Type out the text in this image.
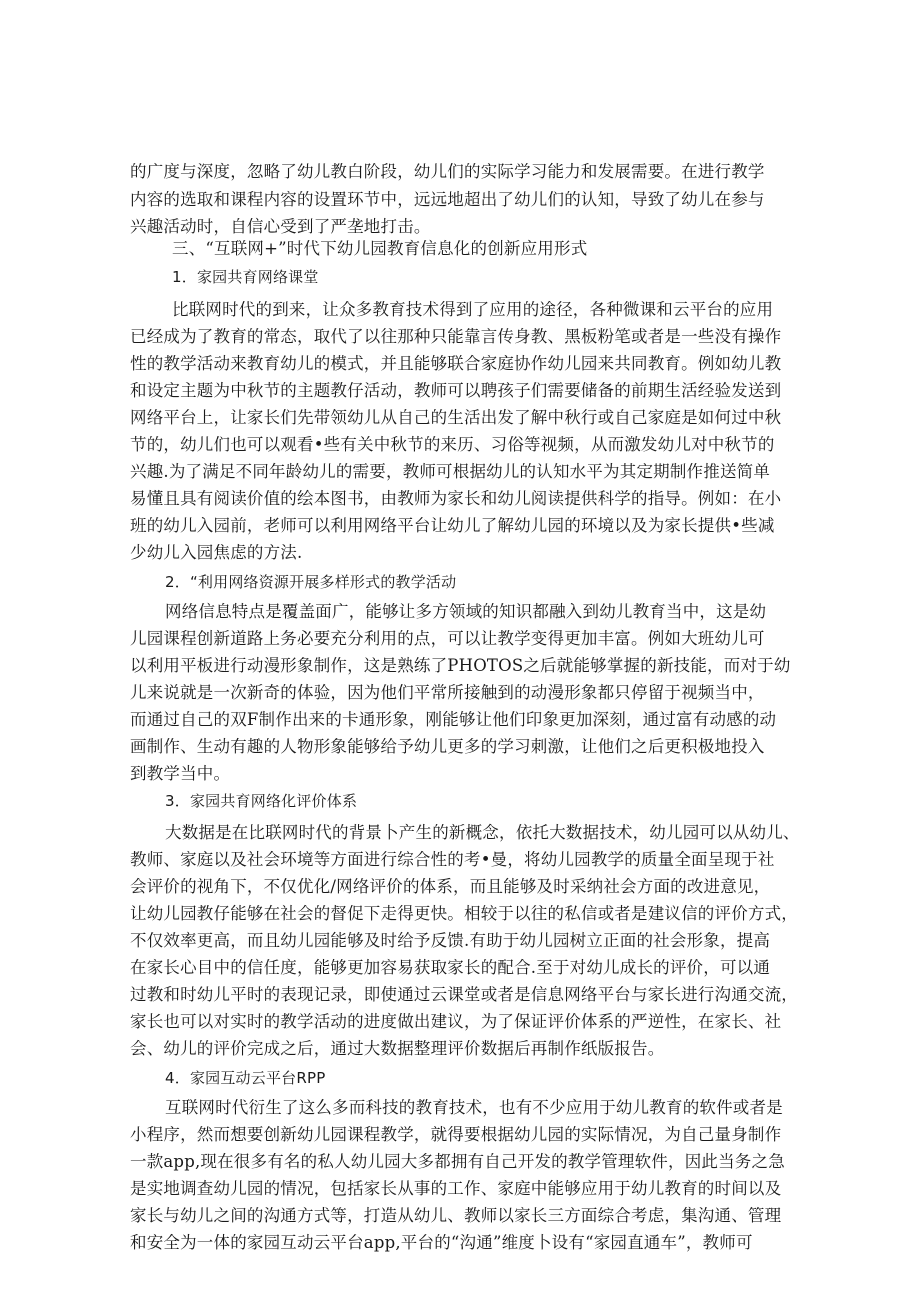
的广度与深度，忽略了幼儿教白阶段，幼儿们的实际学习能力和发展需要。在进行教学
内容的选取和课程内容的设置环节中，远远地超出了幼儿们的认知，导致了幼儿在参与
兴趣活动时，自信心受到了严垄地打击。
三、“互联网+”时代下幼儿园教育信息化的创新应用形式
1．家园共育网络课堂
比联网时代的到来，让众多教育技术得到了应用的途径，各种微课和云平台的应用
已经成为了教育的常态，取代了以往那种只能靠言传身教、黑板粉笔或者是一些没有操作
性的教学活动来教育幼儿的模式，并且能够联合家庭协作幼儿园来共同教育。例如幼儿教
和设定主题为中秋节的主题教仔活动，教师可以聘孩子们需要储备的前期生活经验发送到
网络平台上，让家长们先带领幼儿从自己的生活出发了解中秋行或自己家庭是如何过中秋
节的，幼儿们也可以观看•些有关中秋节的来历、习俗等视频，从而激发幼儿对中秋节的
兴趣.为了满足不同年龄幼儿的需要，教师可根据幼儿的认知水平为其定期制作推送简单
易懂且具有阅读价值的绘本图书，由教师为家长和幼儿阅读提供科学的指导。例如：在小
班的幼儿入园前，老师可以利用网络平台让幼儿了解幼儿园的环境以及为家长提供•些减
少幼儿入园焦虑的方法.
2．“利用网络资源开展多样形式的教学活动
网络信息特点是覆盖面广，能够让多方领域的知识都融入到幼儿教育当中，这是幼
儿园课程创新道路上务必要充分利用的点，可以让教学变得更加丰富。例如大班幼儿可
以利用平板进行动漫形象制作，这是熟练了PHOTOS之后就能够掌握的新技能，而对于幼
儿来说就是一次新奇的体验，因为他们平常所接触到的动漫形象都只停留于视频当中，
而通过自己的双F制作出来的卡通形象，刚能够让他们印象更加深刻，通过富有动感的动
画制作、生动有趣的人物形象能够给予幼儿更多的学习刺激，让他们之后更积极地投入
到教学当中。
3．家园共育网络化评价体系
大数据是在比联网时代的背景卜产生的新概念，依托大数据技术，幼儿园可以从幼儿、
教师、家庭以及社会环境等方面进行综合性的考•曼，将幼儿园教学的质量全面呈现于社
会评价的视角下，不仅优化/网络评价的体系，而且能够及时采纳社会方面的改进意见，
让幼儿园教仔能够在社会的督促下走得更快。相较于以往的私信或者是建议信的评价方式，
不仅效率更高，而且幼儿园能够及时给予反馈.有助于幼儿园树立正面的社会形象，提高
在家长心目中的信任度，能够更加容易获取家长的配合.至于对幼儿成长的评价，可以通
过教和时幼儿平时的表现记录，即使通过云课堂或者是信息网络平台与家长进行沟通交流，
家长也可以对实时的教学活动的进度做出建议，为了保证评价体系的严逆性，在家长、社
会、幼儿的评价完成之后，通过大数据整理评价数据后再制作纸版报告。
4．家园互动云平台RPP
互联网时代衍生了这么多而科技的教育技术，也有不少应用于幼儿教育的软件或者是
小程序，然而想要创新幼儿园课程教学，就得要根据幼儿园的实际情况，为自己量身制作
一款app,现在很多有名的私人幼儿园大多都拥有自己开发的教学管理软件，因此当务之急
是实地调查幼儿园的情况，包括家长从事的工作、家庭中能够应用于幼儿教育的时间以及
家长与幼儿之间的沟通方式等，打造从幼儿、教师以家长三方面综合考虑，集沟通、管理
和安全为一体的家园互动云平台app,平台的“沟通”维度卜设有“家园直通车”，教师可
